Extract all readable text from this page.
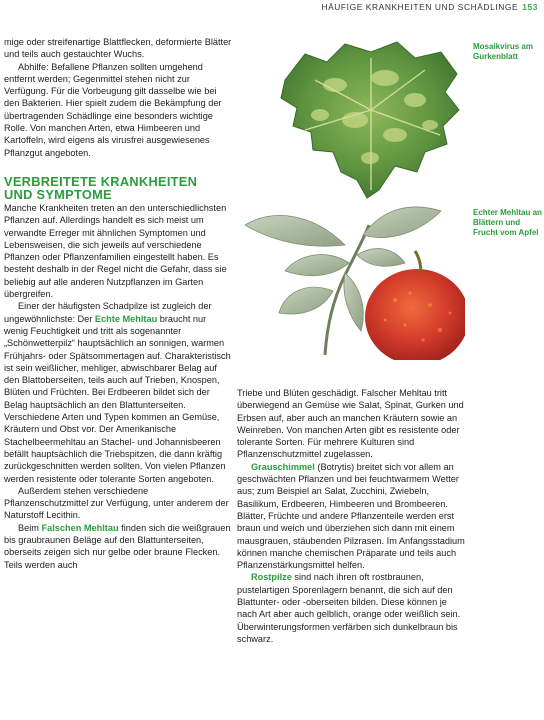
HÄUFIGE KRANKHEITEN UND SCHÄDLINGE 153

mige oder streifenartige Blattflecken, deformierte Blätter und teils auch gestauchter Wuchs.

Abhilfe: Befallene Pflanzen sollten umgehend entfernt werden; Gegenmittel stehen nicht zur Verfügung. Für die Vorbeugung gilt dasselbe wie bei den Bakterien. Hier spielt zudem die Bekämpfung der übertragenden Schädlinge eine besonders wichtige Rolle. Von manchen Arten, etwa Himbeeren und Kartoffeln, wird eigens als virusfrei ausgewiesenes Pflanzgut angeboten.

VERBREITETE KRANKHEITEN
UND SYMPTOME

Manche Krankheiten treten an den unterschiedlichsten Pflanzen auf. Allerdings handelt es sich meist um verwandte Erreger mit ähnlichen Symptomen und Lebensweisen, die sich jeweils auf verschiedene Pflanzen oder Pflanzenfamilien eingestellt haben. Es besteht deshalb in der Regel nicht die Gefahr, dass sie beliebig auf alle anderen Nutzpflanzen im Garten übergreifen.

Einer der häufigsten Schadpilze ist zugleich der ungewöhnlichste: Der Echte Mehltau braucht nur wenig Feuchtigkeit und tritt als sogenannter „Schönwetterpilz“ hauptsächlich an sonnigen, warmen Frühjahrs- oder Spätsommertagen auf. Charakteristisch ist sein weißlicher, mehliger, abwischbarer Belag auf den Blattoberseiten, teils auch auf Trieben, Knospen, Blüten und Früchten. Bei Erdbeeren bildet sich der Belag hauptsächlich an den Blattunterseiten. Verschiedene Arten und Typen kommen an Gemüse, Kräutern und Obst vor. Der Amerikanische Stachelbeermehltau an Stachel- und Johannisbeeren befällt hauptsächlich die Triebspitzen, die dann kräftig zurückgeschnitten werden sollten. Von vielen Pflanzen werden resistente oder tolerante Sorten angeboten.

Außerdem stehen verschiedene Pflanzenschutzmittel zur Verfügung, unter anderem der Naturstoff Lecithin.

Beim Falschen Mehltau finden sich die weißgrauen bis graubraunen Beläge auf den Blattunterseiten, oberseits zeigen sich nur gelbe oder braune Flecken. Teils werden auch

Triebe und Blüten geschädigt. Falscher Mehltau tritt überwiegend an Gemüse wie Salat, Spinat, Gurken und Erbsen auf, aber auch an manchen Kräutern sowie an Weinreben. Von manchen Arten gibt es resistente oder tolerante Sorten. Für mehrere Kulturen sind Pflanzenschutzmittel zugelassen.

Grauschimmel (Botrytis) breitet sich vor allem an geschwächten Pflanzen und bei feuchtwarmem Wetter aus; zum Beispiel an Salat, Zucchini, Zwiebeln, Basilikum, Erdbeeren, Himbeeren und Brombeeren. Blätter, Früchte und andere Pflanzenteile werden erst braun und weich und überziehen sich dann mit einem mausgrauen, stäubenden Pilzrasen. Im Anfangsstadium können manche chemischen Präparate und teils auch Pflanzenstärkungsmittel helfen.

Rostpilze sind nach ihren oft rostbraunen, pustelartigen Sporenlagern benannt, die sich auf den Blattunter- oder -oberseiten bilden. Diese können je nach Art aber auch gelblich, orange oder weißlich sein. Überwinterungsformen verfärben sich dunkelbraun bis schwarz.

Mosaikvirus am Gurkenblatt
Echter Mehltau an Blättern und Frucht vom Apfel
